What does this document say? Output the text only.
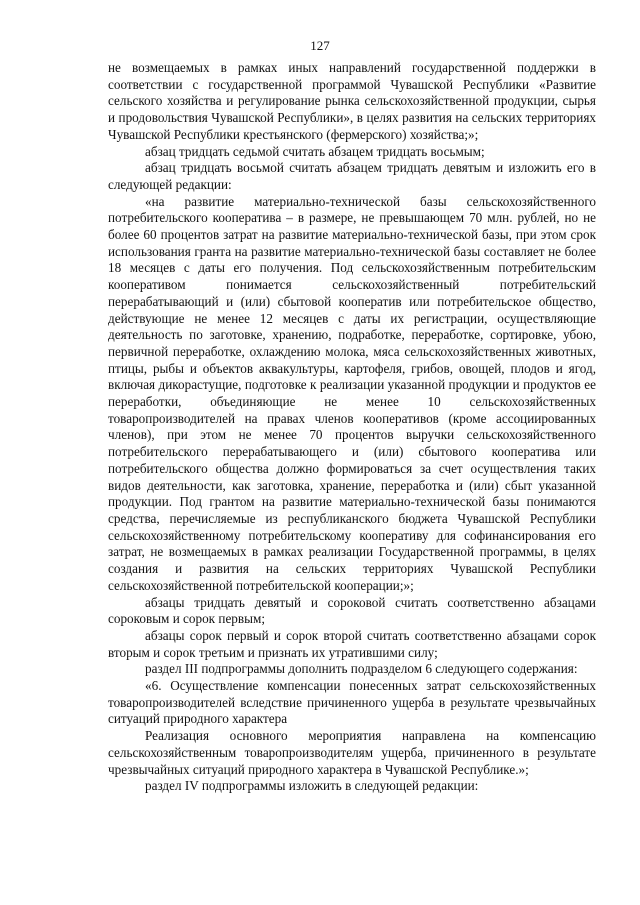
127

не возмещаемых в рамках иных направлений государственной поддержки в соответствии с государственной программой Чувашской Республики «Развитие сельского хозяйства и регулирование рынка сельскохозяйственной продукции, сырья и продовольствия Чувашской Республики», в целях развития на сельских территориях Чувашской Республики крестьянского (фермерского) хозяйства;»;

абзац тридцать седьмой считать абзацем тридцать восьмым;

абзац тридцать восьмой считать абзацем тридцать девятым и изложить его в следующей редакции:

«на развитие материально-технической базы сельскохозяйственного потребительского кооператива – в размере, не превышающем 70 млн. рублей, но не более 60 процентов затрат на развитие материально-технической базы, при этом срок использования гранта на развитие материально-технической базы составляет не более 18 месяцев с даты его получения. Под сельскохозяйственным потребительским кооперативом понимается сельскохозяйственный потребительский перерабатывающий и (или) сбытовой кооператив или потребительское общество, действующие не менее 12 месяцев с даты их регистрации, осуществляющие деятельность по заготовке, хранению, подработке, переработке, сортировке, убою, первичной переработке, охлаждению молока, мяса сельскохозяйственных животных, птицы, рыбы и объектов аквакультуры, картофеля, грибов, овощей, плодов и ягод, включая дикорастущие, подготовке к реализации указанной продукции и продуктов ее переработки, объединяющие не менее 10 сельскохозяйственных товаропроизводителей на правах членов кооперативов (кроме ассоциированных членов), при этом не менее 70 процентов выручки сельскохозяйственного потребительского перерабатывающего и (или) сбытового кооператива или потребительского общества должно формироваться за счет осуществления таких видов деятельности, как заготовка, хранение, переработка и (или) сбыт указанной продукции. Под грантом на развитие материально-технической базы понимаются средства, перечисляемые из республиканского бюджета Чувашской Республики сельскохозяйственному потребительскому кооперативу для софинансирования его затрат, не возмещаемых в рамках реализации Государственной программы, в целях создания и развития на сельских территориях Чувашской Республики сельскохозяйственной потребительской кооперации;»;

абзацы тридцать девятый и сороковой считать соответственно абзацами сороковым и сорок первым;

абзацы сорок первый и сорок второй считать соответственно абзацами сорок вторым и сорок третьим и признать их утратившими силу;

раздел III подпрограммы дополнить подразделом 6 следующего содержания:

«6. Осуществление компенсации понесенных затрат сельскохозяйственных товаропроизводителей вследствие причиненного ущерба в результате чрезвычайных ситуаций природного характера

Реализация основного мероприятия направлена на компенсацию сельскохозяйственным товаропроизводителям ущерба, причиненного в результате чрезвычайных ситуаций природного характера в Чувашской Республике.»;

раздел IV подпрограммы изложить в следующей редакции:
